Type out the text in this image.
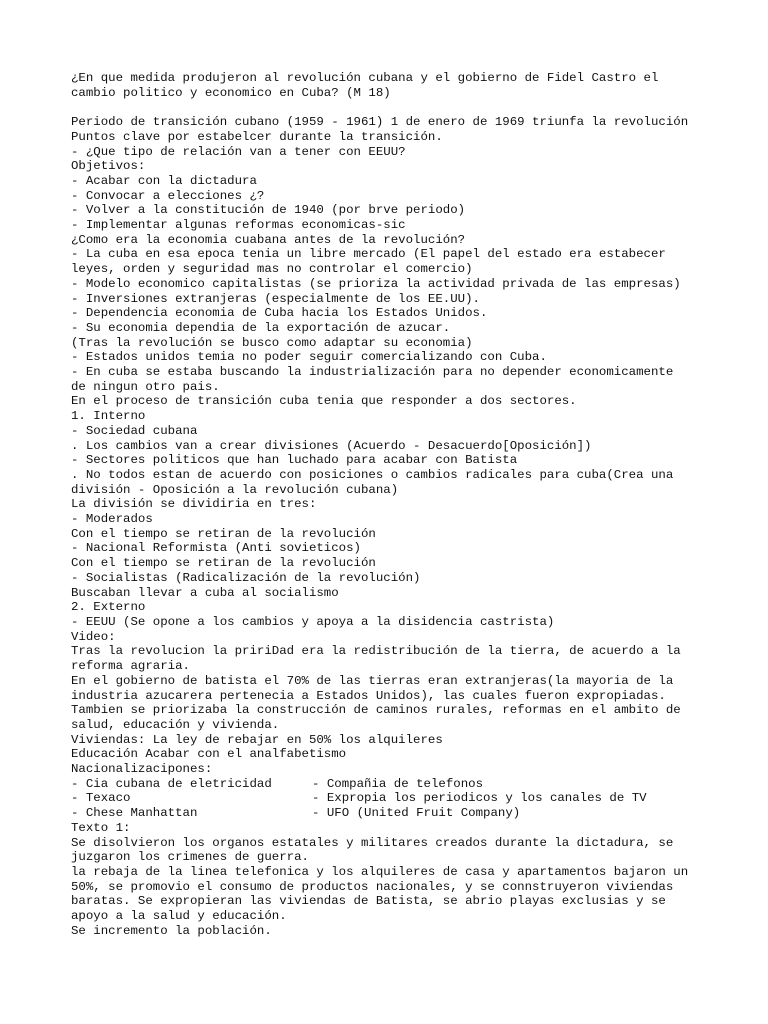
¿En que medida produjeron al revolución cubana y el gobierno de Fidel Castro el
cambio politico y economico en Cuba? (M 18)
Periodo de transición cubano (1959 - 1961) 1 de enero de 1969 triunfa la revolución
Puntos clave por estabelcer durante la transición.
- ¿Que tipo de relación van a tener con EEUU?
Objetivos:
- Acabar con la dictadura
- Convocar a elecciones ¿?
- Volver a la constitución de 1940 (por brve periodo)
- Implementar algunas reformas economicas-sic
¿Como era la economia cuabana antes de la revolución?
- La cuba en esa epoca tenia un libre mercado (El papel del estado era estabecer
leyes, orden y seguridad mas no controlar el comercio)
- Modelo economico capitalistas (se prioriza la actividad privada de las empresas)
- Inversiones extranjeras (especialmente de los EE.UU).
- Dependencia economia de Cuba hacia los Estados Unidos.
- Su economia dependia de la exportación de azucar.
(Tras la revolución se busco como adaptar su economia)
- Estados unidos temia no poder seguir comercializando con Cuba.
- En cuba se estaba buscando la industrialización para no depender economicamente
de ningun otro pais.
En el proceso de transición cuba tenia que responder a dos sectores.
1. Interno
- Sociedad cubana
. Los cambios van a crear divisiones (Acuerdo - Desacuerdo[Oposición])
- Sectores politicos que han luchado para acabar con Batista
. No todos estan de acuerdo con posiciones o cambios radicales para cuba(Crea una
división - Oposición a la revolución cubana)
La división se dividiria en tres:
- Moderados
Con el tiempo se retiran de la revolución
- Nacional Reformista (Anti sovieticos)
Con el tiempo se retiran de la revolución
- Socialistas (Radicalización de la revolución)
Buscaban llevar a cuba al socialismo
2. Externo
- EEUU (Se opone a los cambios y apoya a la disidencia castrista)
Video:
Tras la revolucion la pririDad era la redistribución de la tierra, de acuerdo a la
reforma agraria.
En el gobierno de batista el 70% de las tierras eran extranjeras(la mayoria de la
industria azucarera pertenecia a Estados Unidos), las cuales fueron expropiadas.
Tambien se priorizaba la construcción de caminos rurales, reformas en el ambito de
salud, educación y vivienda.
Viviendas: La ley de rebajar en 50% los alquileres
Educación Acabar con el analfabetismo
Nacionalizacipones:
- Cia cubana de eletricidad	- Compañia de telefonos
- Texaco	- Expropia los periodicos y los canales de TV
- Chese Manhattan	- UFO (United Fruit Company)
Texto 1:
Se disolvieron los organos estatales y militares creados durante la dictadura, se
juzgaron los crimenes de guerra.
la rebaja de la linea telefonica y los alquileres de casa y apartamentos bajaron un
50%, se promovio el consumo de productos nacionales, y se connstruyeron viviendas
baratas. Se expropieran las viviendas de Batista, se abrio playas exclusias y se
apoyo a la salud y educación.
Se incremento la población.
